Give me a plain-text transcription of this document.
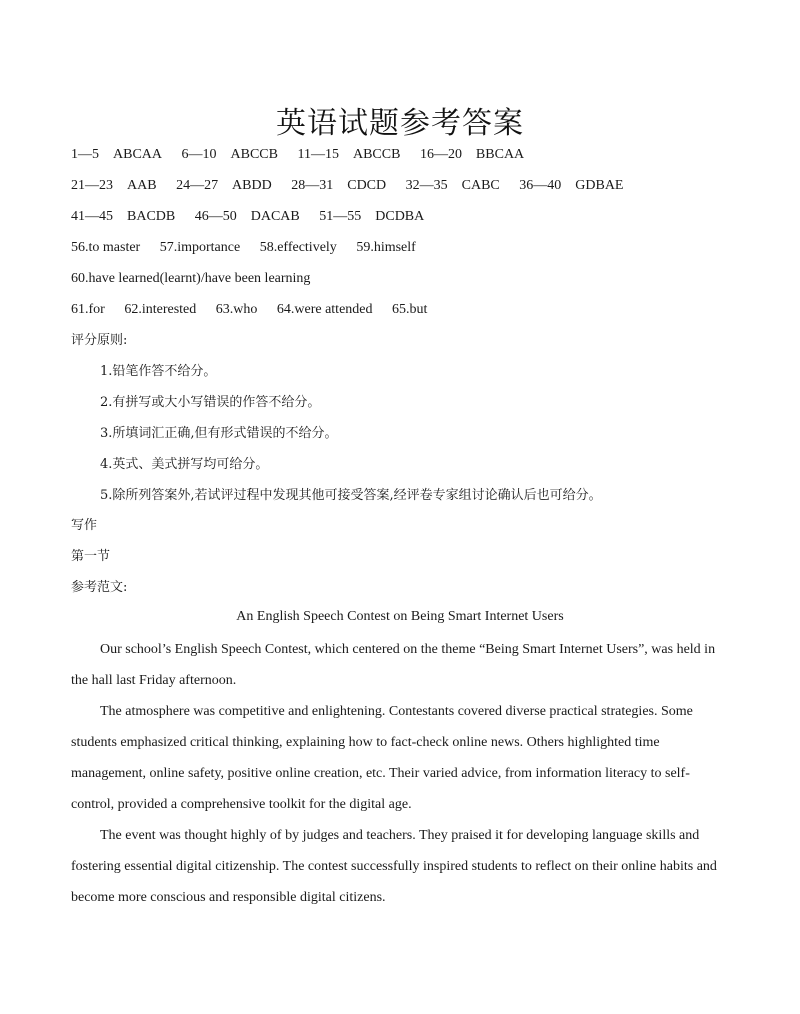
英语试题参考答案
1—5　ABCAA 6—10　ABCCB 11—15　ABCCB 16—20　BBCAA
21—23　AAB 24—27　ABDD 28—31　CDCD 32—35　CABC 36—40　GDBAE
41—45　BACDB 46—50　DACAB 51—55　DCDBA
56.to master 57.importance 58.effectively 59.himself
60.have learned(learnt)/have been learning
61.for 62.interested 63.who 64.were attended 65.but
评分原则:
1.铅笔作答不给分。
2.有拼写或大小写错误的作答不给分。
3.所填词汇正确,但有形式错误的不给分。
4.英式、美式拼写均可给分。
5.除所列答案外,若试评过程中发现其他可接受答案,经评卷专家组讨论确认后也可给分。
写作
第一节
参考范文:
An English Speech Contest on Being Smart Internet Users
Our school’s English Speech Contest, which centered on the theme “Being Smart Internet Users”, was held in the hall last Friday afternoon.
The atmosphere was competitive and enlightening. Contestants covered diverse practical strategies. Some students emphasized critical thinking, explaining how to fact-check online news. Others highlighted time management, online safety, positive online creation, etc. Their varied advice, from information literacy to self-control, provided a comprehensive toolkit for the digital age.
The event was thought highly of by judges and teachers. They praised it for developing language skills and fostering essential digital citizenship. The contest successfully inspired students to reflect on their online habits and become more conscious and responsible digital citizens.
